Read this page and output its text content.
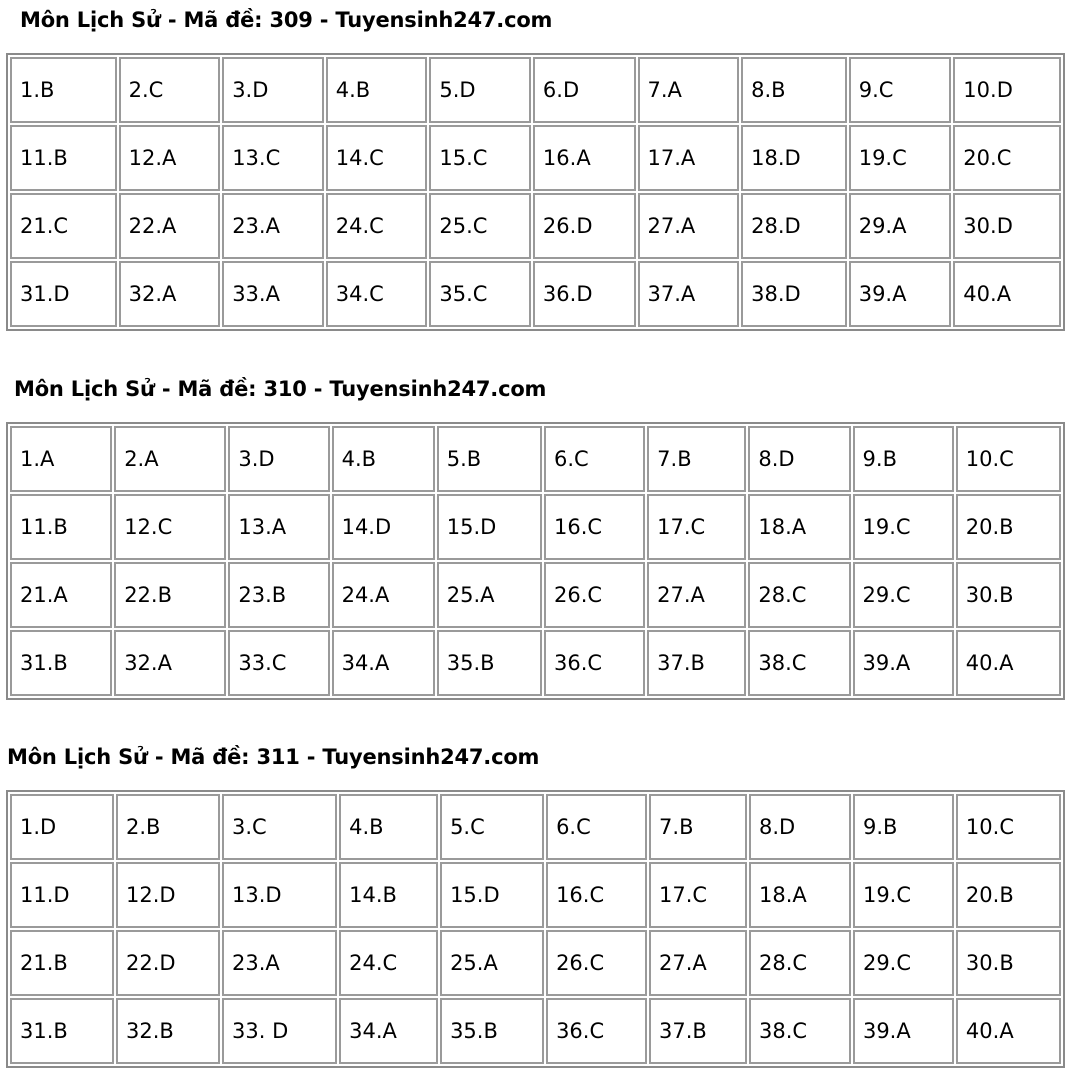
Môn Lịch Sử - Mã đề: 309 - Tuyensinh247.com
1.B	2.C	3.D	4.B	5.D	6.D	7.A	8.B	9.C	10.D
11.B	12.A	13.C	14.C	15.C	16.A	17.A	18.D	19.C	20.C
21.C	22.A	23.A	24.C	25.C	26.D	27.A	28.D	29.A	30.D
31.D	32.A	33.A	34.C	35.C	36.D	37.A	38.D	39.A	40.A
Môn Lịch Sử - Mã đề: 310 - Tuyensinh247.com
1.A	2.A	3.D	4.B	5.B	6.C	7.B	8.D	9.B	10.C
11.B	12.C	13.A	14.D	15.D	16.C	17.C	18.A	19.C	20.B
21.A	22.B	23.B	24.A	25.A	26.C	27.A	28.C	29.C	30.B
31.B	32.A	33.C	34.A	35.B	36.C	37.B	38.C	39.A	40.A
Môn Lịch Sử - Mã đề: 311 - Tuyensinh247.com
1.D	2.B	3.C	4.B	5.C	6.C	7.B	8.D	9.B	10.C
11.D	12.D	13.D	14.B	15.D	16.C	17.C	18.A	19.C	20.B
21.B	22.D	23.A	24.C	25.A	26.C	27.A	28.C	29.C	30.B
31.B	32.B	33. D	34.A	35.B	36.C	37.B	38.C	39.A	40.A
